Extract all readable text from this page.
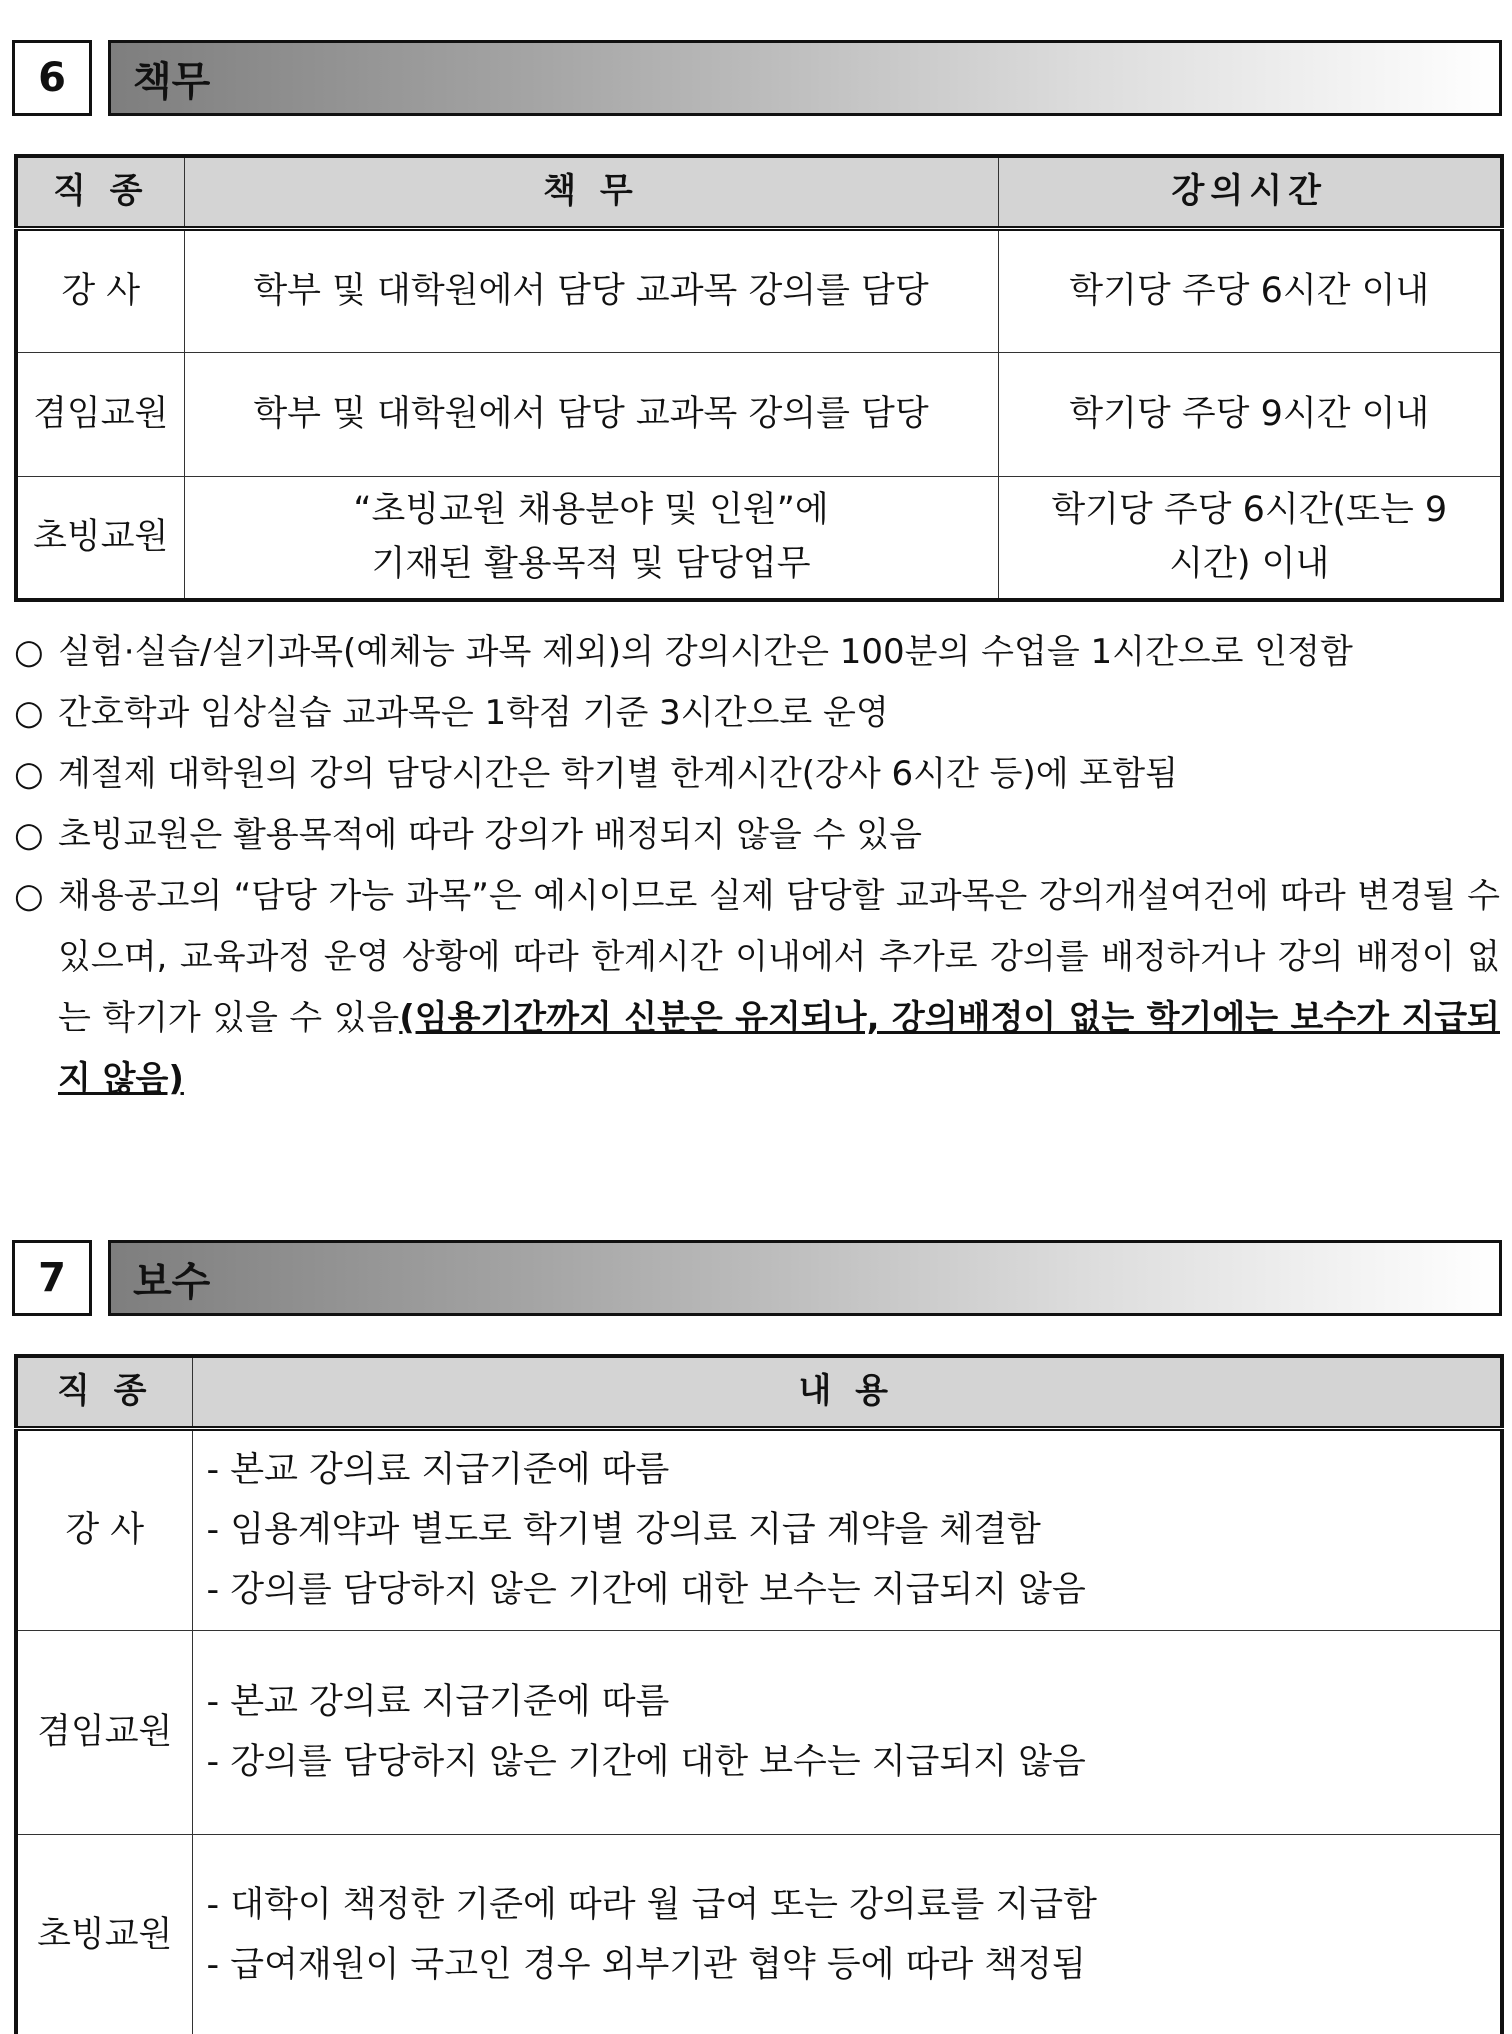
6	책무
직 종	책 무	강의시간
강 사	학부 및 대학원에서 담당 교과목 강의를 담당	학기당 주당 6시간 이내
겸임교원	학부 및 대학원에서 담당 교과목 강의를 담당	학기당 주당 9시간 이내
초빙교원	“초빙교원 채용분야 및 인원”에 기재된 활용목적 및 담당업무	학기당 주당 6시간(또는 9시간) 이내
○ 실험·실습/실기과목(예체능 과목 제외)의 강의시간은 100분의 수업을 1시간으로 인정함
○ 간호학과 임상실습 교과목은 1학점 기준 3시간으로 운영
○ 계절제 대학원의 강의 담당시간은 학기별 한계시간(강사 6시간 등)에 포함됨
○ 초빙교원은 활용목적에 따라 강의가 배정되지 않을 수 있음
○ 채용공고의 “담당 가능 과목”은 예시이므로 실제 담당할 교과목은 강의개설여건에 따라 변경될 수 있으며, 교육과정 운영 상황에 따라 한계시간 이내에서 추가로 강의를 배정하거나 강의 배정이 없는 학기가 있을 수 있음(임용기간까지 신분은 유지되나, 강의배정이 없는 학기에는 보수가 지급되지 않음)
7	보수
직 종	내 용
강 사	- 본교 강의료 지급기준에 따름
- 임용계약과 별도로 학기별 강의료 지급 계약을 체결함
- 강의를 담당하지 않은 기간에 대한 보수는 지급되지 않음

겸임교원	- 본교 강의료 지급기준에 따름
- 강의를 담당하지 않은 기간에 대한 보수는 지급되지 않음

초빙교원	- 대학이 책정한 기준에 따라 월 급여 또는 강의료를 지급함
- 급여재원이 국고인 경우 외부기관 협약 등에 따라 책정됨
